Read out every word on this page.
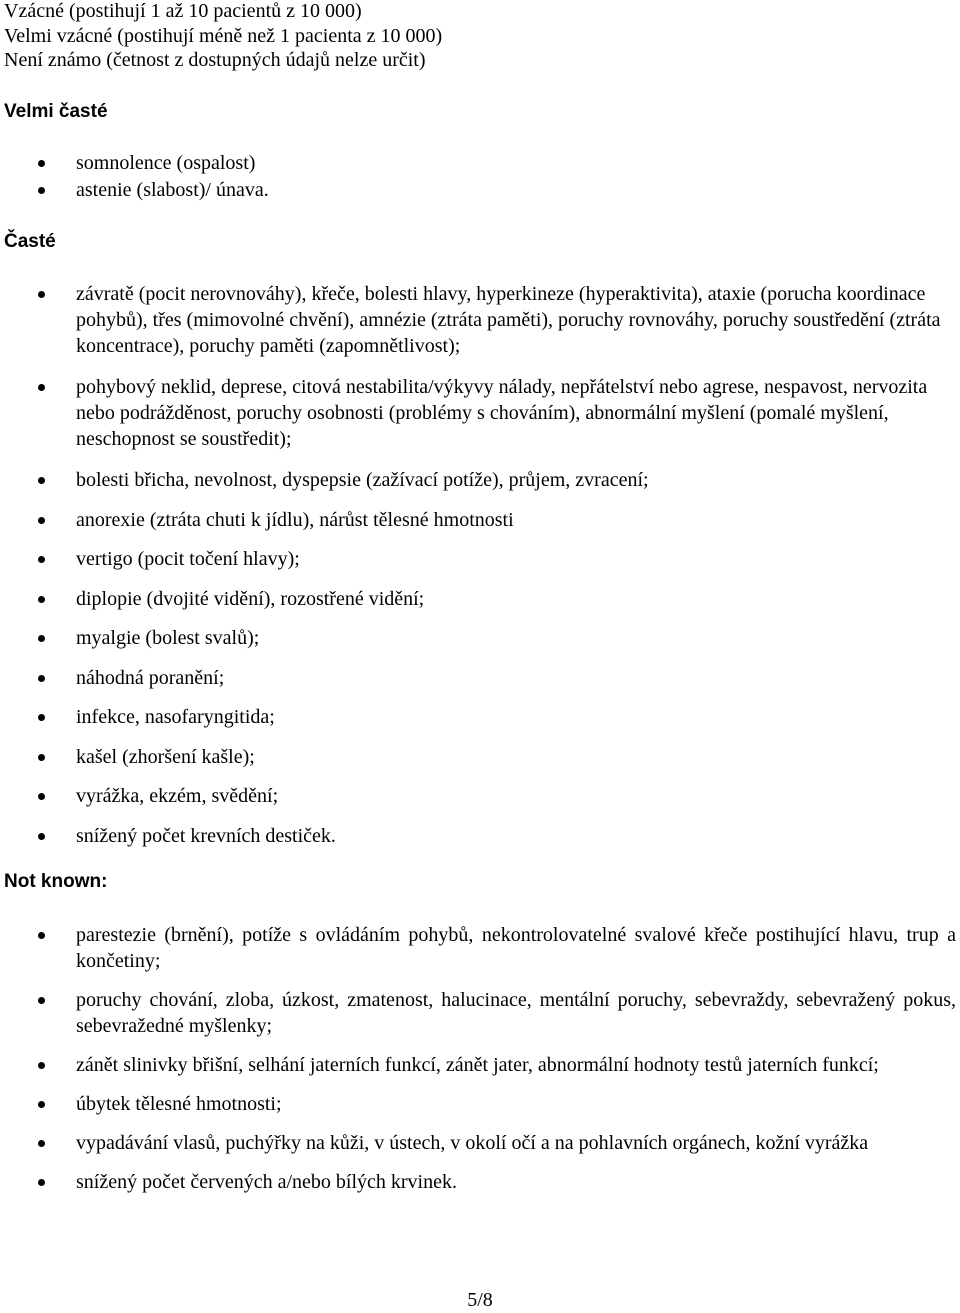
Vzácné (postihují 1 až 10 pacientů z 10 000)
Velmi vzácné (postihují méně než 1 pacienta z 10 000)
Není známo (četnost z dostupných údajů nelze určit)
Velmi časté
somnolence (ospalost)
astenie (slabost)/ únava.
Časté
závratě (pocit nerovnováhy), křeče, bolesti hlavy, hyperkineze (hyperaktivita), ataxie (porucha koordinace pohybů), třes (mimovolné chvění), amnézie (ztráta paměti), poruchy rovnováhy, poruchy soustředění (ztráta koncentrace), poruchy paměti (zapomnětlivost);
pohybový neklid, deprese, citová nestabilita/výkyvy nálady, nepřátelství nebo agrese, nespavost, nervozita nebo podrážděnost, poruchy osobnosti (problémy s chováním), abnormální myšlení (pomalé myšlení, neschopnost se soustředit);
bolesti břicha, nevolnost, dyspepsie (zažívací potíže), průjem, zvracení;
anorexie (ztráta chuti k jídlu), nárůst tělesné hmotnosti
vertigo (pocit točení hlavy);
diplopie (dvojité vidění), rozostřené vidění;
myalgie (bolest svalů);
náhodná poranění;
infekce, nasofaryngitida;
kašel (zhoršení kašle);
vyrážka, ekzém, svědění;
snížený počet krevních destiček.
Not known:
parestezie (brnění), potíže s ovládáním pohybů, nekontrolovatelné svalové křeče postihující hlavu, trup a končetiny;
poruchy chování, zloba, úzkost, zmatenost, halucinace, mentální poruchy, sebevraždy, sebevražený pokus, sebevražedné myšlenky;
zánět slinivky břišní, selhání jaterních funkcí, zánět jater, abnormální hodnoty testů jaterních funkcí;
úbytek tělesné hmotnosti;
vypadávání vlasů, puchýřky na kůži, v ústech, v okolí očí a na pohlavních orgánech, kožní vyrážka
snížený počet červených a/nebo bílých krvinek.
5/8
